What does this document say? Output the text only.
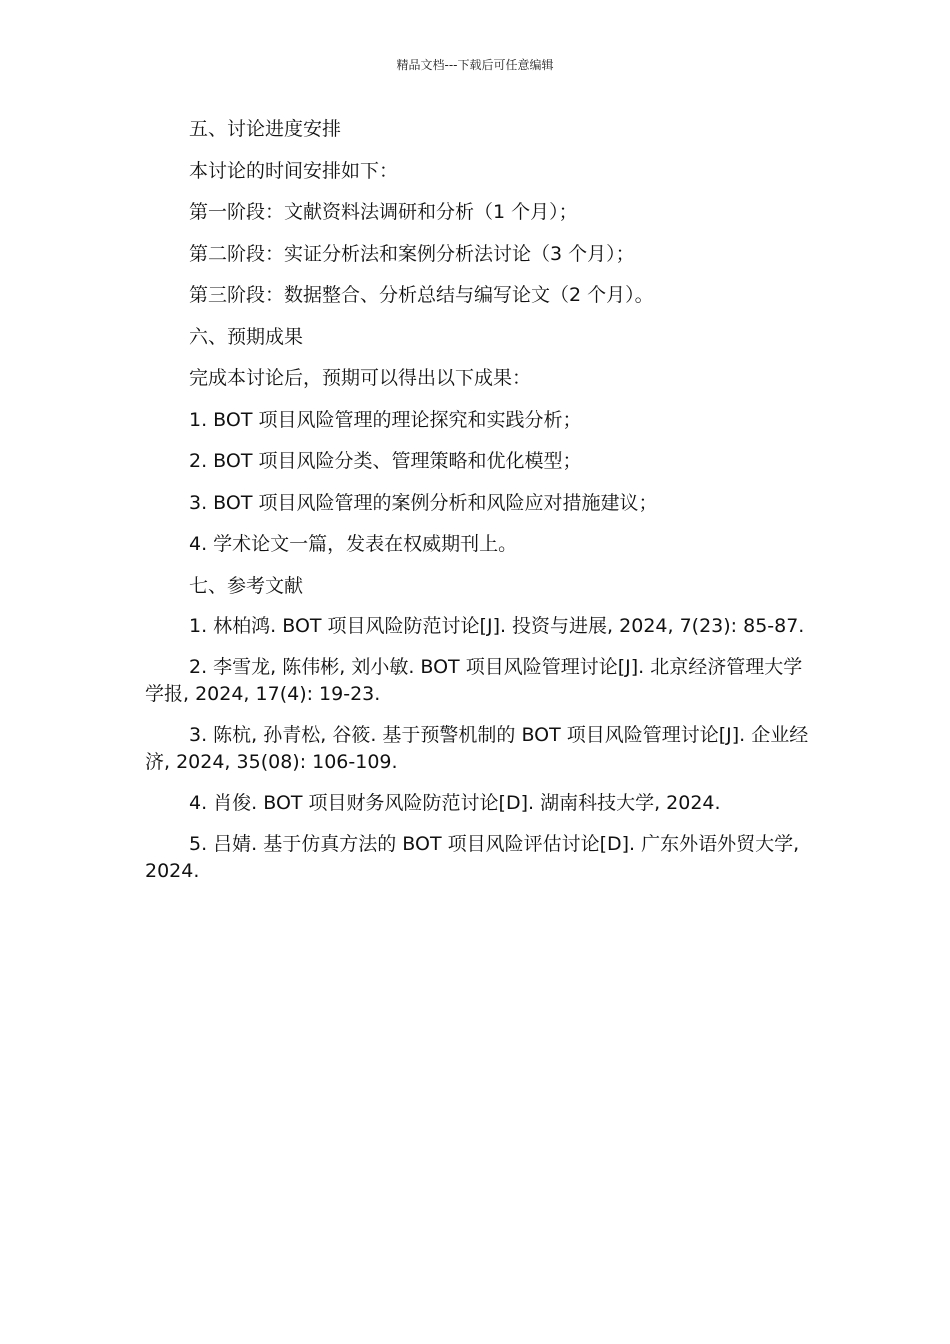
精品文档---下载后可任意编辑

五、讨论进度安排

本讨论的时间安排如下：

第一阶段：文献资料法调研和分析（1 个月）；

第二阶段：实证分析法和案例分析法讨论（3 个月）；

第三阶段：数据整合、分析总结与编写论文（2 个月）。

六、预期成果

完成本讨论后，预期可以得出以下成果：

1. BOT 项目风险管理的理论探究和实践分析；

2. BOT 项目风险分类、管理策略和优化模型；

3. BOT 项目风险管理的案例分析和风险应对措施建议；

4. 学术论文一篇，发表在权威期刊上。

七、参考文献

1. 林柏鸿. BOT 项目风险防范讨论[J]. 投资与进展, 2024, 7(23): 85-87.

2. 李雪龙, 陈伟彬, 刘小敏. BOT 项目风险管理讨论[J]. 北京经济管理大学学报, 2024, 17(4): 19-23.

3. 陈杭, 孙青松, 谷筱. 基于预警机制的 BOT 项目风险管理讨论[J]. 企业经济, 2024, 35(08): 106-109.

4. 肖俊. BOT 项目财务风险防范讨论[D]. 湖南科技大学, 2024.

5. 吕婧. 基于仿真方法的 BOT 项目风险评估讨论[D]. 广东外语外贸大学, 2024.
